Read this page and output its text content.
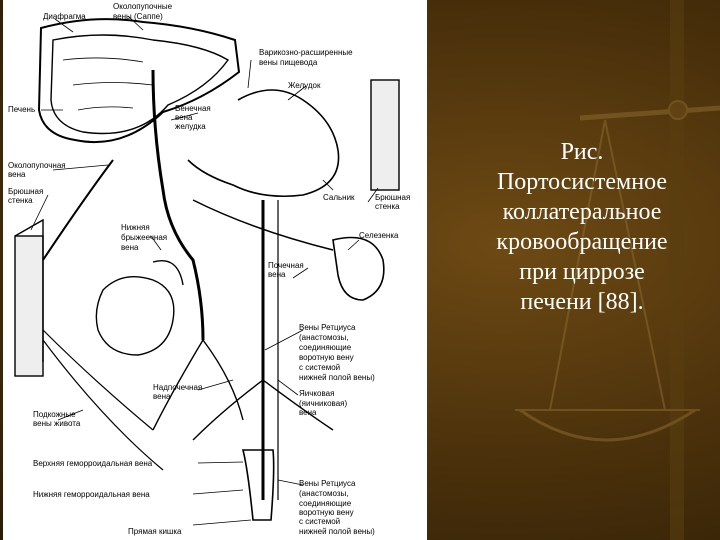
Диафрагма
Околопупочные
вены (Саппе)
Варикозно-расширенные
вены пищевода
Желудок
Печень	Венечная
вена
желудка
Околопупочная
вена
Брюшная
стенка	Сальник	Брюшная
стенка
Селезенка
Нижняя
брыжеечная
вена
Почечная
вена
Вены Ретциуса
(анастомозы,
соединяющие
воротную вену
с системой
нижней полой вены)
Надпочечная
вена	Яичковая
(яичниковая)
вена
Подкожные
вены живота
Верхняя геморроидальная вена
Нижняя геморроидальная вена
Вены Ретциуса
(анастомозы,
соединяющие
воротную вену
с системой
нижней полой вены)
Прямая кишка
Рис.
Портосистемное
коллатеральное
кровообращение
при циррозе
печени [88].
